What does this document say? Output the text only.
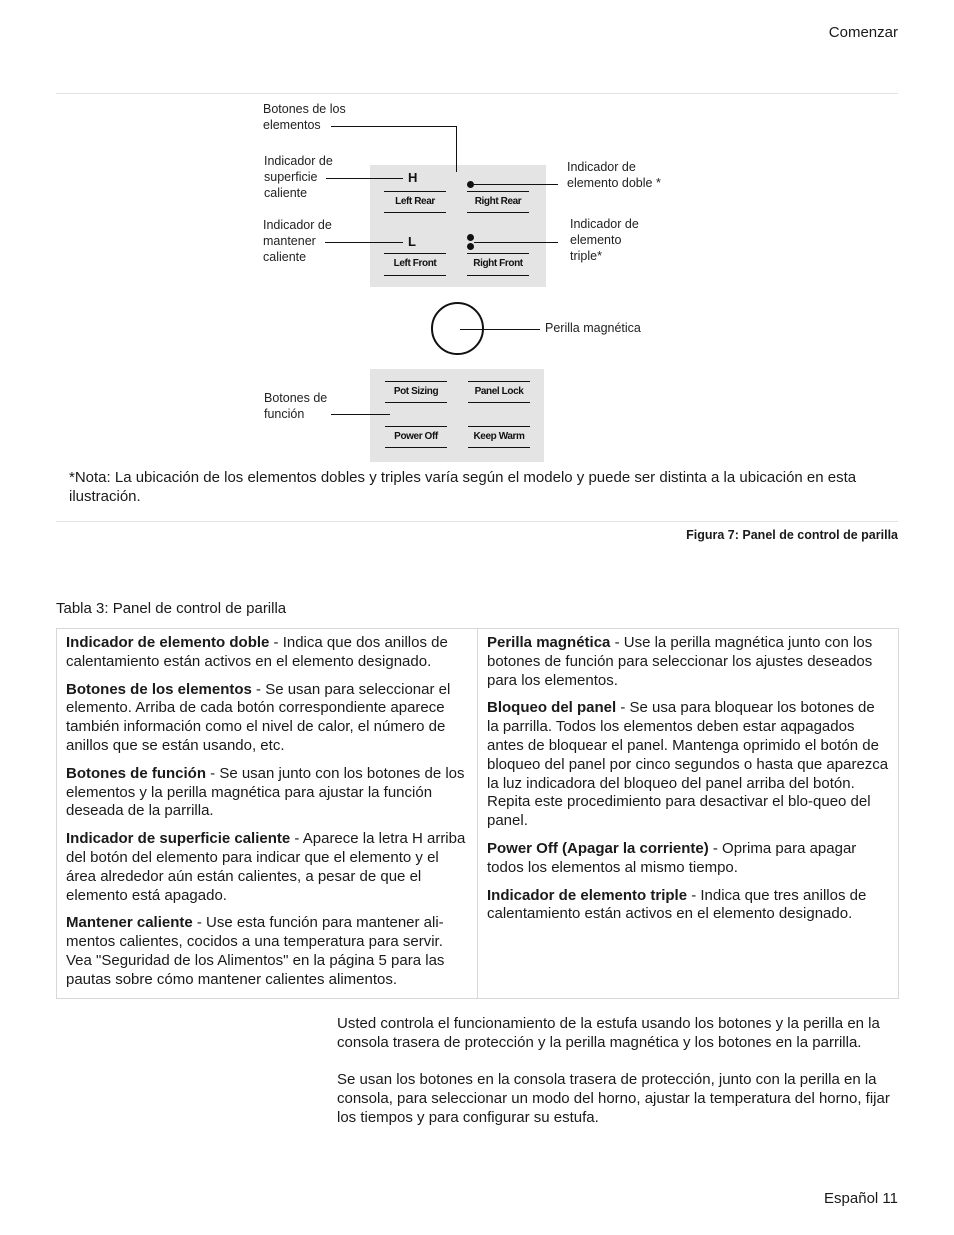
Comenzar
Botones de los elementos
Indicador de superficie caliente
Indicador de mantener caliente
Indicador de elemento doble *
Indicador de elemento triple*
Perilla magnética
Botones de función
H
L
Left Rear	Right Rear
Left Front	Right Front
Pot Sizing	Panel Lock
Power Off	Keep Warm
*Nota: La ubicación de los elementos dobles y triples varía según el modelo y puede ser distinta a la ubicación en esta ilustración.
Figura 7: Panel de control de parilla
Tabla 3: Panel de control de parilla

Indicador de elemento doble - Indica que dos anillos de calentamiento están activos en el elemento designado.

Botones de los elementos - Se usan para seleccionar el elemento. Arriba de cada botón correspondiente aparece también información como el nivel de calor, el número de anillos que se están usando, etc.

Botones de función - Se usan junto con los botones de los elementos y la perilla magnética para ajustar la función deseada de la parrilla.

Indicador de superficie caliente - Aparece la letra H arriba del botón del elemento para indicar que el elemento y el área alrededor aún están calientes, a pesar de que el elemento está apagado.

Mantener caliente - Use esta función para mantener ali-mentos calientes, cocidos a una temperatura para servir. Vea "Seguridad de los Alimentos" en la página 5 para las pautas sobre cómo mantener calientes alimentos.

Perilla magnética - Use la perilla magnética junto con los botones de función para seleccionar los ajustes deseados para los elementos.

Bloqueo del panel - Se usa para bloquear los botones de la parrilla. Todos los elementos deben estar aqpagados antes de bloquear el panel. Mantenga oprimido el botón de bloqueo del panel por cinco segundos o hasta que aparezca la luz indicadora del bloqueo del panel arriba del botón. Repita este procedimiento para desactivar el blo-queo del panel.

Power Off (Apagar la corriente) - Oprima para apagar todos los elementos al mismo tiempo.

Indicador de elemento triple - Indica que tres anillos de calentamiento están activos en el elemento designado.

Usted controla el funcionamiento de la estufa usando los botones y la perilla en la consola trasera de protección y la perilla magnética y los botones en la parrilla.
Se usan los botones en la consola trasera de protección, junto con la perilla en la consola, para seleccionar un modo del horno, ajustar la temperatura del horno, fijar los tiempos y para configurar su estufa.
Español 11
